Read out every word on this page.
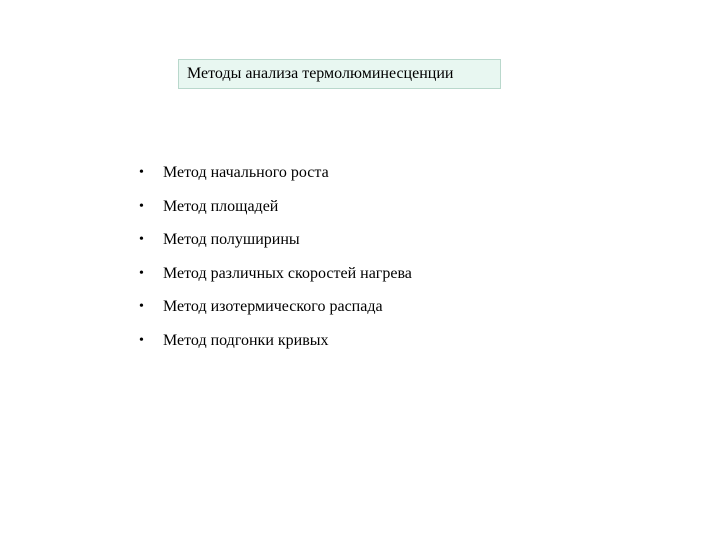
Методы анализа термолюминесценции
• Метод начального роста
• Метод площадей
• Метод полуширины
• Метод различных скоростей нагрева
• Метод изотермического распада
• Метод подгонки кривых
